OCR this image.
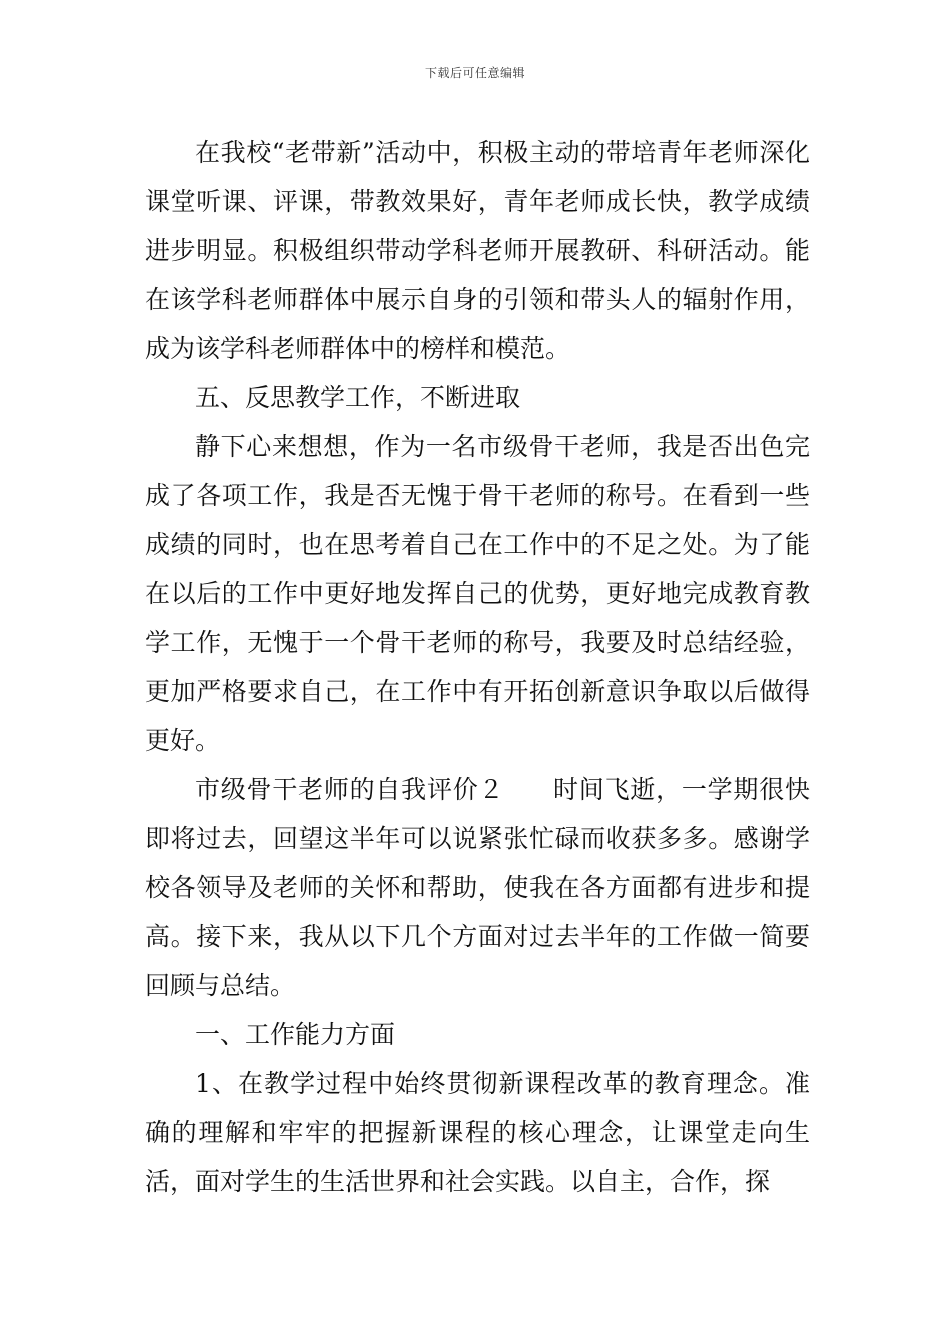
下载后可任意编辑

在我校“老带新”活动中，积极主动的带培青年老师深化课堂听课、评课，带教效果好，青年老师成长快，教学成绩进步明显。积极组织带动学科老师开展教研、科研活动。能在该学科老师群体中展示自身的引领和带头人的辐射作用，成为该学科老师群体中的榜样和模范。

五、反思教学工作，不断进取

静下心来想想，作为一名市级骨干老师，我是否出色完成了各项工作，我是否无愧于骨干老师的称号。在看到一些成绩的同时，也在思考着自己在工作中的不足之处。为了能在以后的工作中更好地发挥自己的优势，更好地完成教育教学工作，无愧于一个骨干老师的称号，我要及时总结经验，更加严格要求自己，在工作中有开拓创新意识争取以后做得更好。

市级骨干老师的自我评价２ 时间飞逝，一学期很快即将过去，回望这半年可以说紧张忙碌而收获多多。感谢学校各领导及老师的关怀和帮助，使我在各方面都有进步和提高。接下来，我从以下几个方面对过去半年的工作做一简要回顾与总结。

一、工作能力方面

1、在教学过程中始终贯彻新课程改革的教育理念。准确的理解和牢牢的把握新课程的核心理念，让课堂走向生活，面对学生的生活世界和社会实践。以自主，合作，探
